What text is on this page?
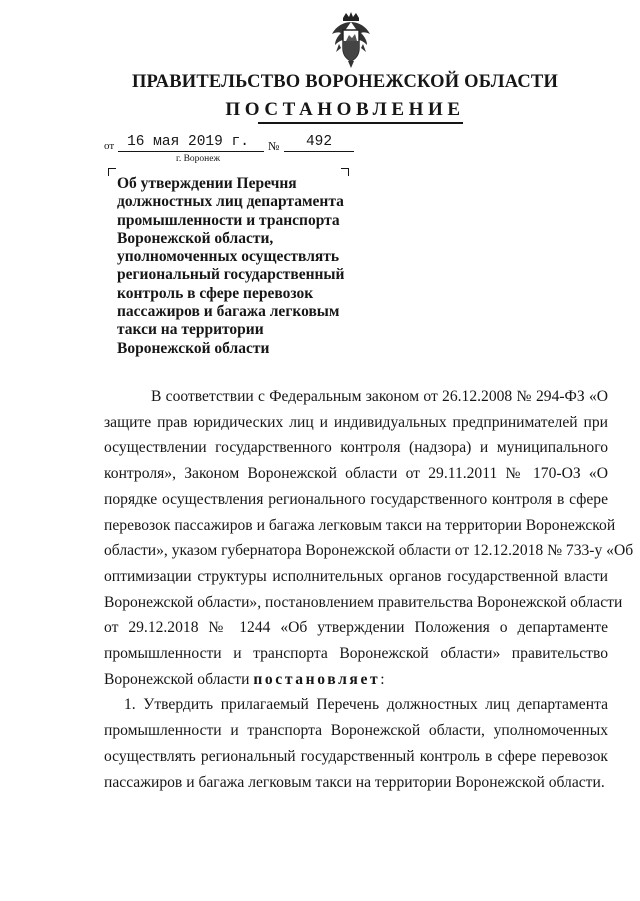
ПРАВИТЕЛЬСТВО ВОРОНЕЖСКОЙ ОБЛАСТИ
ПОСТАНОВЛЕНИЕ
от 16 мая 2019 г.	№	492
г. Воронеж
Об утверждении Перечня
должностных лиц департамента
промышленности и транспорта
Воронежской области,
уполномоченных осуществлять
региональный государственный
контроль в сфере перевозок
пассажиров и багажа легковым
такси на территории
Воронежской области
В соответствии с Федеральным законом от 26.12.2008 № 294-ФЗ «О
защите прав юридических лиц и индивидуальных предпринимателей при
осуществлении государственного контроля (надзора) и муниципального
контроля», Законом Воронежской области от 29.11.2011 № 170-ОЗ «О
порядке осуществления регионального государственного контроля в сфере
перевозок пассажиров и багажа легковым такси на территории Воронежской
области», указом губернатора Воронежской области от 12.12.2018 № 733-у «Об
оптимизации структуры исполнительных органов государственной власти
Воронежской области», постановлением правительства Воронежской области
от 29.12.2018 № 1244 «Об утверждении Положения о департаменте
промышленности и транспорта Воронежской области» правительство
Воронежской области постановляет:
1. Утвердить прилагаемый Перечень должностных лиц департамента
промышленности и транспорта Воронежской области, уполномоченных
осуществлять региональный государственный контроль в сфере перевозок
пассажиров и багажа легковым такси на территории Воронежской области.
